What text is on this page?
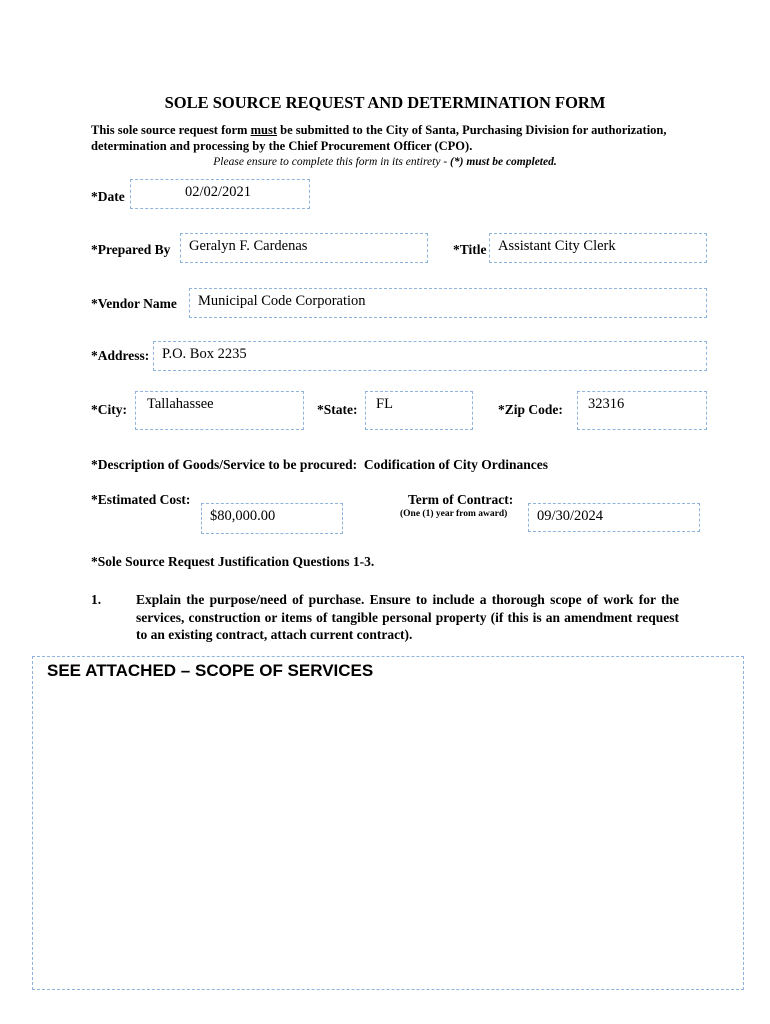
SOLE SOURCE REQUEST AND DETERMINATION FORM
This sole source request form must be submitted to the City of Santa, Purchasing Division for authorization, determination and processing by the Chief Procurement Officer (CPO).
Please ensure to complete this form in its entirety - (*) must be completed.
*Date	02/02/2021
*Prepared By	Geralyn F. Cardenas	*Title Assistant City Clerk
*Vendor Name	Municipal Code Corporation
*Address: P.O. Box 2235
*City:	Tallahassee	*State:	FL	*Zip Code:	32316
*Description of Goods/Service to be procured: Codification of City Ordinances
*Estimated Cost:
$80,000.00
Term of Contract:
(One (1) year from award)	09/30/2024
*Sole Source Request Justification Questions 1-3.
1.	Explain the purpose/need of purchase. Ensure to include a thorough scope of work for the services, construction or items of tangible personal property (if this is an amendment request to an existing contract, attach current contract).
SEE ATTACHED – SCOPE OF SERVICES
